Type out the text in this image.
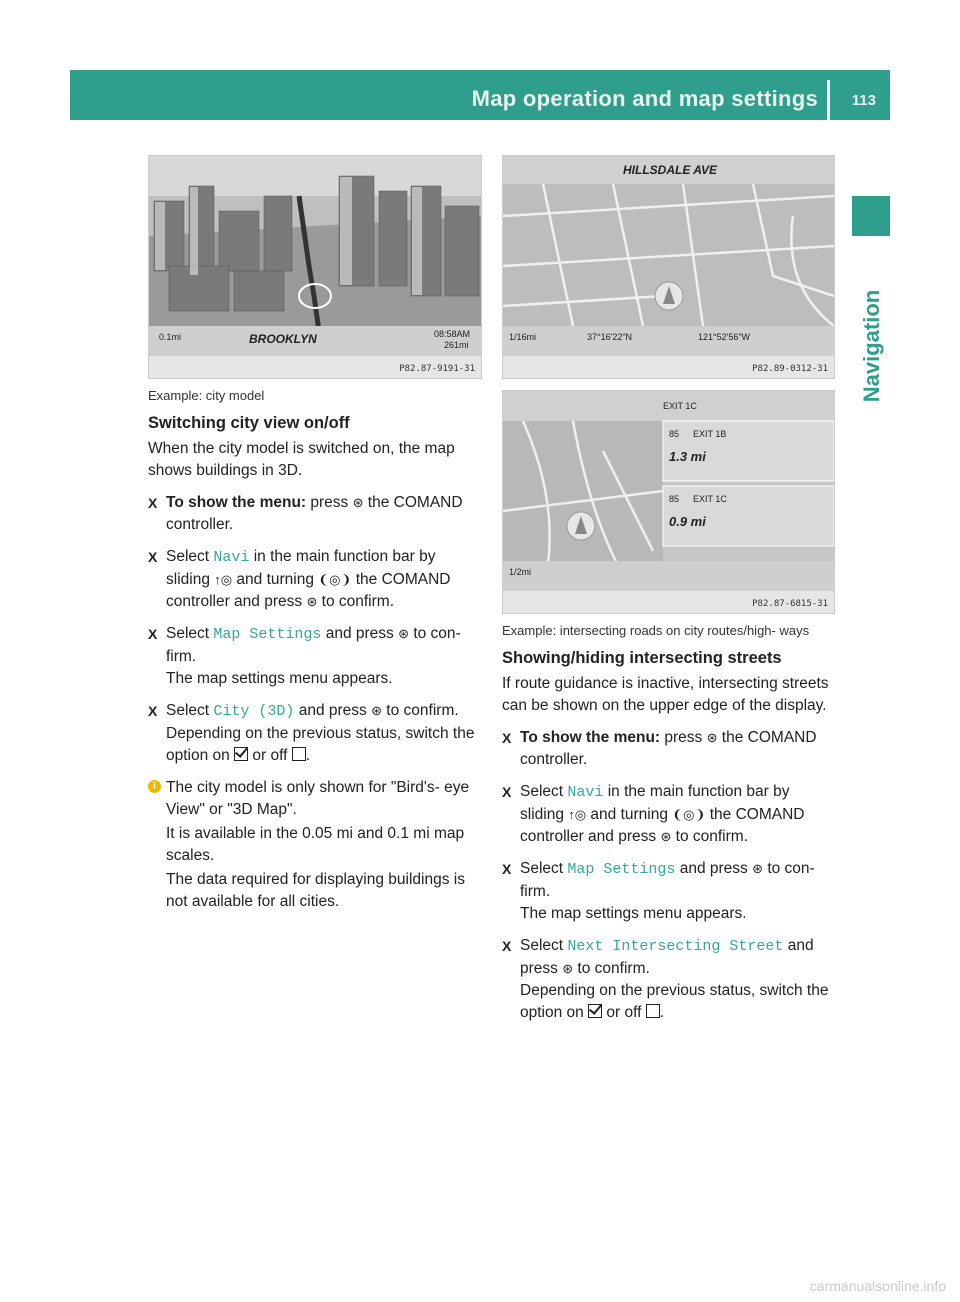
Map operation and map settings 113
Navigation
0.1mi	BROOKLYN	08:58AM
261mi
P82.87-9191-31
HILLSDALE AVE
1/16mi	37°16'22"N	121°52'56"W
P82.89-0312-31
EXIT 1C
85 EXIT 1B
1.3 mi
85 EXIT 1C
0.9 mi
1/2mi
P82.87-6815-31

Example: city model

Switching city view on/off

When the city model is switched on, the map shows buildings in 3D.

X To show the menu: press ⊛ the COMAND controller.
X Select Navi in the main function bar by sliding ↑◎ and turning ❨◎❩ the COMAND controller and press ⊛ to confirm.
X Select Map Settings and press ⊛ to con- firm.
The map settings menu appears.
X Select City (3D) and press ⊛ to confirm.
Depending on the previous status, switch the option on  or off .
i The city model is only shown for "Bird's- eye View" or "3D Map".

It is available in the 0.05 mi and 0.1 mi map scales.

The data required for displaying buildings is not available for all cities.

Example: intersecting roads on city routes/high- ways

Showing/hiding intersecting streets

If route guidance is inactive, intersecting streets can be shown on the upper edge of the display.

X To show the menu: press ⊛ the COMAND controller.
X Select Navi in the main function bar by sliding ↑◎ and turning ❨◎❩ the COMAND controller and press ⊛ to confirm.
X Select Map Settings and press ⊛ to con- firm.
The map settings menu appears.
X Select Next Intersecting Street and press ⊛ to confirm.
Depending on the previous status, switch the option on  or off .
carmanualsonline.info
